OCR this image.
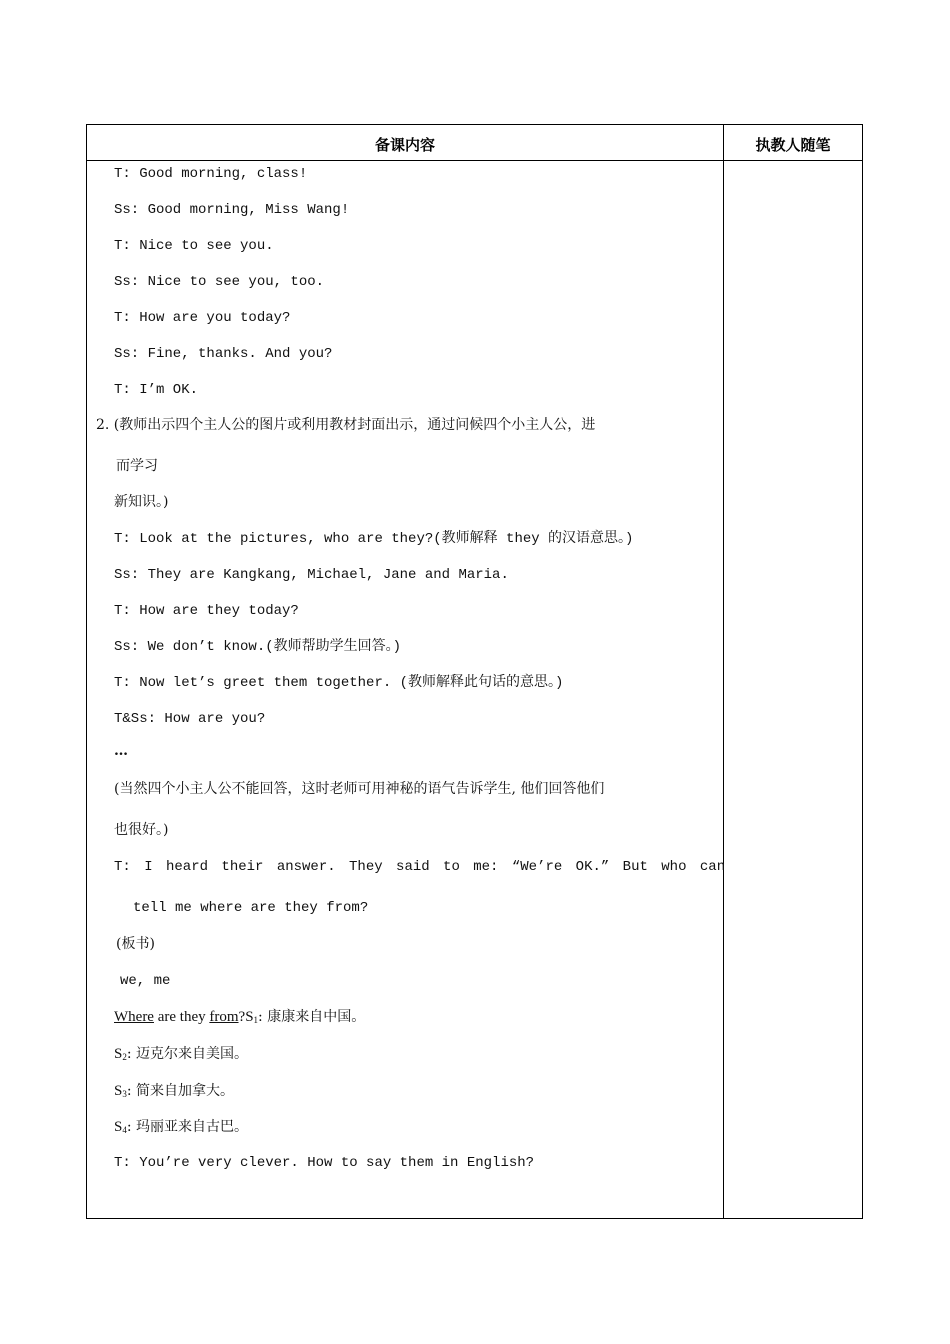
备课内容	执教人随笔
T: Good morning, class!
Ss: Good morning, Miss Wang!
T: Nice to see you.
Ss: Nice to see you, too.
T: How are you today?
Ss: Fine, thanks. And you?
T: I’m OK.
2. (教师出示四个主人公的图片或利用教材封面出示，通过问候四个小主人公，进
而学习
新知识。)
T: Look at the pictures, who are they?(教师解释 they 的汉语意思。)
Ss: They are Kangkang, Michael, Jane and Maria.
T: How are they today?
Ss: We don’t know.(教师帮助学生回答。)
T: Now let’s greet them together. (教师解释此句话的意思。)
T&Ss: How are you?
…
(当然四个小主人公不能回答，这时老师可用神秘的语气告诉学生, 他们回答他们
也很好。)
T: I heard their answer. They said to me: “We’re OK.” But who can
tell me where are they from?
(板书)
we, me
Where are they $from?S_1$: 康康来自中国。
$S_2$: 迈克尔来自美国。
$S_3$: 简来自加拿大。
$S_4$: 玛丽亚来自古巴。
T: You’re very clever. How to say them in English?
